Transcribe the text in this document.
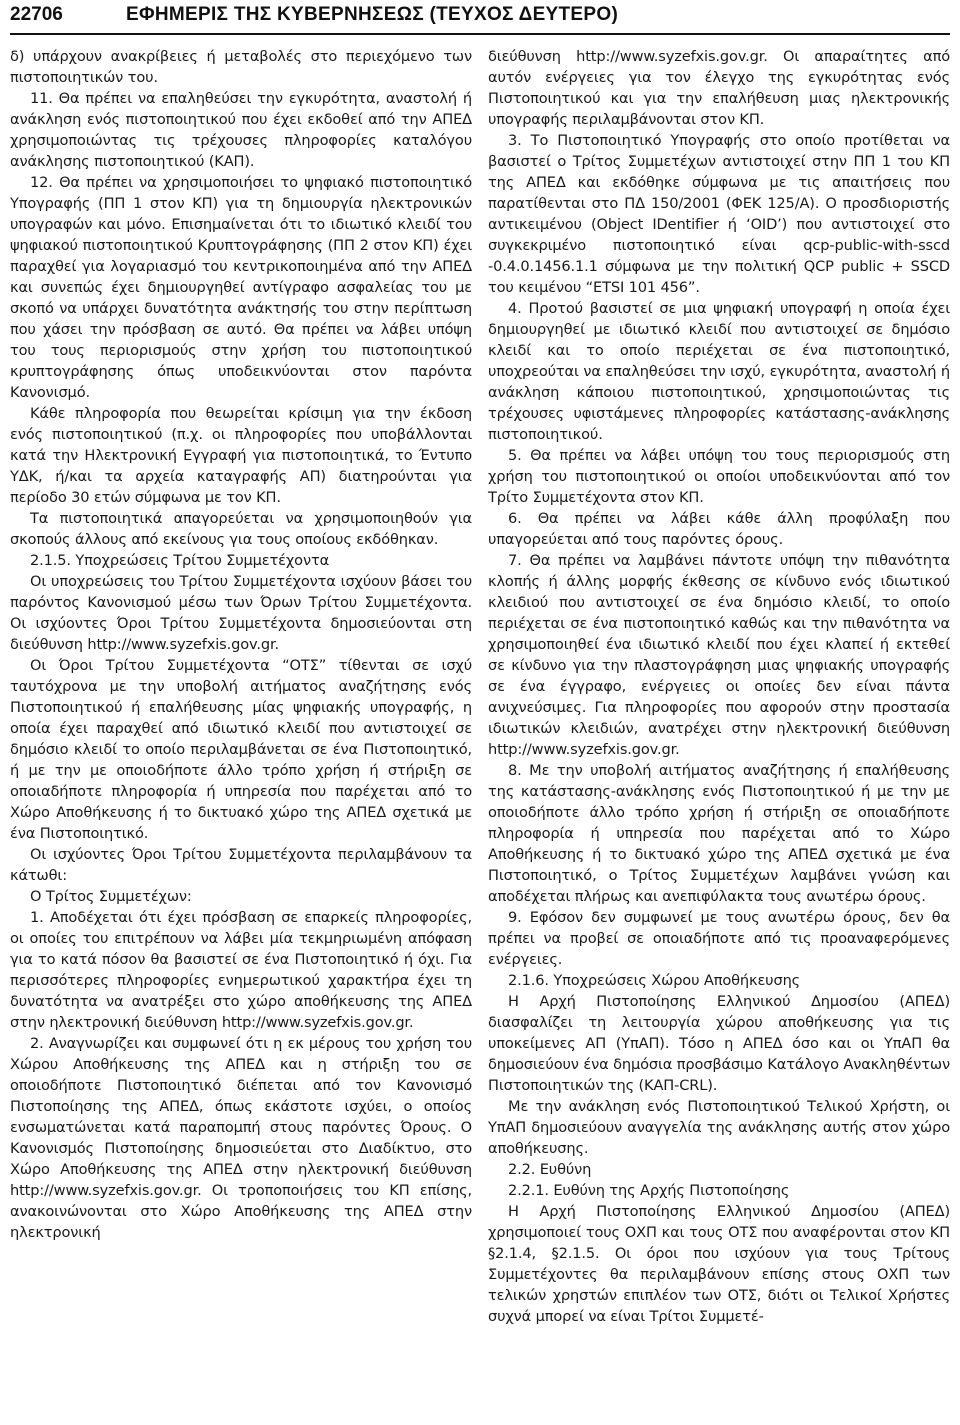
22706	ΕΦΗΜΕΡΙΣ ΤΗΣ ΚΥΒΕΡΝΗΣΕΩΣ (ΤΕΥΧΟΣ ΔΕΥΤΕΡΟ)

δ) υπάρχουν ανακρίβειες ή μεταβολές στο περιεχόμενο των πιστοποιητικών του.

11. Θα πρέπει να επαληθεύσει την εγκυρότητα, αναστολή ή ανάκληση ενός πιστοποιητικού που έχει εκδοθεί από την ΑΠΕΔ χρησιμοποιώντας τις τρέχουσες πληροφορίες καταλόγου ανάκλησης πιστοποιητικού (ΚΑΠ).

12. Θα πρέπει να χρησιμοποιήσει το ψηφιακό πιστοποιητικό Υπογραφής (ΠΠ 1 στον ΚΠ) για τη δημιουργία ηλεκτρονικών υπογραφών και μόνο. Επισημαίνεται ότι το ιδιωτικό κλειδί του ψηφιακού πιστοποιητικού Κρυπτογράφησης (ΠΠ 2 στον ΚΠ) έχει παραχθεί για λογαριασμό του κεντρικοποιημένα από την ΑΠΕΔ και συνεπώς έχει δημιουργηθεί αντίγραφο ασφαλείας του με σκοπό να υπάρχει δυνατότητα ανάκτησής του στην περίπτωση που χάσει την πρόσβαση σε αυτό. Θα πρέπει να λάβει υπόψη του τους περιορισμούς στην χρήση του πιστοποιητικού κρυπτογράφησης όπως υποδεικνύονται στον παρόντα Κανονισμό.

Κάθε πληροφορία που θεωρείται κρίσιμη για την έκδοση ενός πιστοποιητικού (π.χ. οι πληροφορίες που υποβάλλονται κατά την Ηλεκτρονική Εγγραφή για πιστοποιητικά, το Έντυπο ΥΔΚ, ή/και τα αρχεία καταγραφής ΑΠ) διατηρούνται για περίοδο 30 ετών σύμφωνα με τον ΚΠ.

Τα πιστοποιητικά απαγορεύεται να χρησιμοποιηθούν για σκοπούς άλλους από εκείνους για τους οποίους εκδόθηκαν.

2.1.5. Υποχρεώσεις Τρίτου Συμμετέχοντα

Οι υποχρεώσεις του Τρίτου Συμμετέχοντα ισχύουν βάσει του παρόντος Κανονισμού μέσω των Όρων Τρίτου Συμμετέχοντα. Οι ισχύοντες Όροι Τρίτου Συμμετέχοντα δημοσιεύονται στη διεύθυνση http://www.syzefxis.gov.gr.

Οι Όροι Τρίτου Συμμετέχοντα “ΟΤΣ” τίθενται σε ισχύ ταυτόχρονα με την υποβολή αιτήματος αναζήτησης ενός Πιστοποιητικού ή επαλήθευσης μίας ψηφιακής υπογραφής, η οποία έχει παραχθεί από ιδιωτικό κλειδί που αντιστοιχεί σε δημόσιο κλειδί το οποίο περιλαμβάνεται σε ένα Πιστοποιητικό, ή με την με οποιοδήποτε άλλο τρόπο χρήση ή στήριξη σε οποιαδήποτε πληροφορία ή υπηρεσία που παρέχεται από το Χώρο Αποθήκευσης ή το δικτυακό χώρο της ΑΠΕΔ σχετικά με ένα Πιστοποιητικό.

Οι ισχύοντες Όροι Τρίτου Συμμετέχοντα περιλαμβάνουν τα κάτωθι:

Ο Τρίτος Συμμετέχων:

1. Αποδέχεται ότι έχει πρόσβαση σε επαρκείς πληροφορίες, οι οποίες του επιτρέπουν να λάβει μία τεκμηριωμένη απόφαση για το κατά πόσον θα βασιστεί σε ένα Πιστοποιητικό ή όχι. Για περισσότερες πληροφορίες ενημερωτικού χαρακτήρα έχει τη δυνατότητα να ανατρέξει στο χώρο αποθήκευσης της ΑΠΕΔ στην ηλεκτρονική διεύθυνση http://www.syzefxis.gov.gr.

2. Αναγνωρίζει και συμφωνεί ότι η εκ μέρους του χρήση του Χώρου Αποθήκευσης της ΑΠΕΔ και η στήριξη του σε οποιοδήποτε Πιστοποιητικό διέπεται από τον Κανονισμό Πιστοποίησης της ΑΠΕΔ, όπως εκάστοτε ισχύει, ο οποίος ενσωματώνεται κατά παραπομπή στους παρόντες Όρους. Ο Κανονισμός Πιστοποίησης δημοσιεύεται στο Διαδίκτυο, στο Χώρο Αποθήκευσης της ΑΠΕΔ στην ηλεκτρονική διεύθυνση http://www.syzefxis.gov.gr. Οι τροποποιήσεις του ΚΠ επίσης, ανακοινώνονται στο Χώρο Αποθήκευσης της ΑΠΕΔ στην ηλεκτρονική

διεύθυνση http://www.syzefxis.gov.gr. Οι απαραίτητες από αυτόν ενέργειες για τον έλεγχο της εγκυρότητας ενός Πιστοποιητικού και για την επαλήθευση μιας ηλεκτρονικής υπογραφής περιλαμβάνονται στον ΚΠ.

3. Το Πιστοποιητικό Υπογραφής στο οποίο προτίθεται να βασιστεί ο Τρίτος Συμμετέχων αντιστοιχεί στην ΠΠ 1 του ΚΠ της ΑΠΕΔ και εκδόθηκε σύμφωνα με τις απαιτήσεις που παρατίθενται στο ΠΔ 150/2001 (ΦΕΚ 125/Α). Ο προσδιοριστής αντικειμένου (Object IDentifier ή ‘OID’) που αντιστοιχεί στο συγκεκριμένο πιστοποιητικό είναι qcp-public-with-sscd -0.4.0.1456.1.1 σύμφωνα με την πολιτική QCP public + SSCD του κειμένου “ETSI 101 456”.

4. Προτού βασιστεί σε μια ψηφιακή υπογραφή η οποία έχει δημιουργηθεί με ιδιωτικό κλειδί που αντιστοιχεί σε δημόσιο κλειδί και το οποίο περιέχεται σε ένα πιστοποιητικό, υποχρεούται να επαληθεύσει την ισχύ, εγκυρότητα, αναστολή ή ανάκληση κάποιου πιστοποιητικού, χρησιμοποιώντας τις τρέχουσες υφιστάμενες πληροφορίες κατάστασης-ανάκλησης πιστοποιητικού.

5. Θα πρέπει να λάβει υπόψη του τους περιορισμούς στη χρήση του πιστοποιητικού οι οποίοι υποδεικνύονται από τον Τρίτο Συμμετέχοντα στον ΚΠ.

6. Θα πρέπει να λάβει κάθε άλλη προφύλαξη που υπαγορεύεται από τους παρόντες όρους.

7. Θα πρέπει να λαμβάνει πάντοτε υπόψη την πιθανότητα κλοπής ή άλλης μορφής έκθεσης σε κίνδυνο ενός ιδιωτικού κλειδιού που αντιστοιχεί σε ένα δημόσιο κλειδί, το οποίο περιέχεται σε ένα πιστοποιητικό καθώς και την πιθανότητα να χρησιμοποιηθεί ένα ιδιωτικό κλειδί που έχει κλαπεί ή εκτεθεί σε κίνδυνο για την πλαστογράφηση μιας ψηφιακής υπογραφής σε ένα έγγραφο, ενέργειες οι οποίες δεν είναι πάντα ανιχνεύσιμες. Για πληροφορίες που αφορούν στην προστασία ιδιωτικών κλειδιών, ανατρέχει στην ηλεκτρονική διεύθυνση http://www.syzefxis.gov.gr.

8. Με την υποβολή αιτήματος αναζήτησης ή επαλήθευσης της κατάστασης-ανάκλησης ενός Πιστοποιητικού ή με την με οποιοδήποτε άλλο τρόπο χρήση ή στήριξη σε οποιαδήποτε πληροφορία ή υπηρεσία που παρέχεται από το Χώρο Αποθήκευσης ή το δικτυακό χώρο της ΑΠΕΔ σχετικά με ένα Πιστοποιητικό, ο Τρίτος Συμμετέχων λαμβάνει γνώση και αποδέχεται πλήρως και ανεπιφύλακτα τους ανωτέρω όρους.

9. Εφόσον δεν συμφωνεί με τους ανωτέρω όρους, δεν θα πρέπει να προβεί σε οποιαδήποτε από τις προαναφερόμενες ενέργειες.

2.1.6. Υποχρεώσεις Χώρου Αποθήκευσης

Η Αρχή Πιστοποίησης Ελληνικού Δημοσίου (ΑΠΕΔ) διασφαλίζει τη λειτουργία χώρου αποθήκευσης για τις υποκείμενες ΑΠ (ΥπΑΠ). Τόσο η ΑΠΕΔ όσο και οι ΥπΑΠ θα δημοσιεύουν ένα δημόσια προσβάσιμο Κατάλογο Ανακληθέντων Πιστοποιητικών της (ΚΑΠ-CRL).

Με την ανάκληση ενός Πιστοποιητικού Τελικού Χρήστη, οι ΥπΑΠ δημοσιεύουν αναγγελία της ανάκλησης αυτής στον χώρο αποθήκευσης.

2.2. Ευθύνη

2.2.1. Ευθύνη της Αρχής Πιστοποίησης

Η Αρχή Πιστοποίησης Ελληνικού Δημοσίου (ΑΠΕΔ) χρησιμοποιεί τους ΟΧΠ και τους ΟΤΣ που αναφέρονται στον ΚΠ §2.1.4, §2.1.5. Οι όροι που ισχύουν για τους Τρίτους Συμμετέχοντες θα περιλαμβάνουν επίσης στους ΟΧΠ των τελικών χρηστών επιπλέον των ΟΤΣ, διότι οι Τελικοί Χρήστες συχνά μπορεί να είναι Τρίτοι Συμμετέ-
